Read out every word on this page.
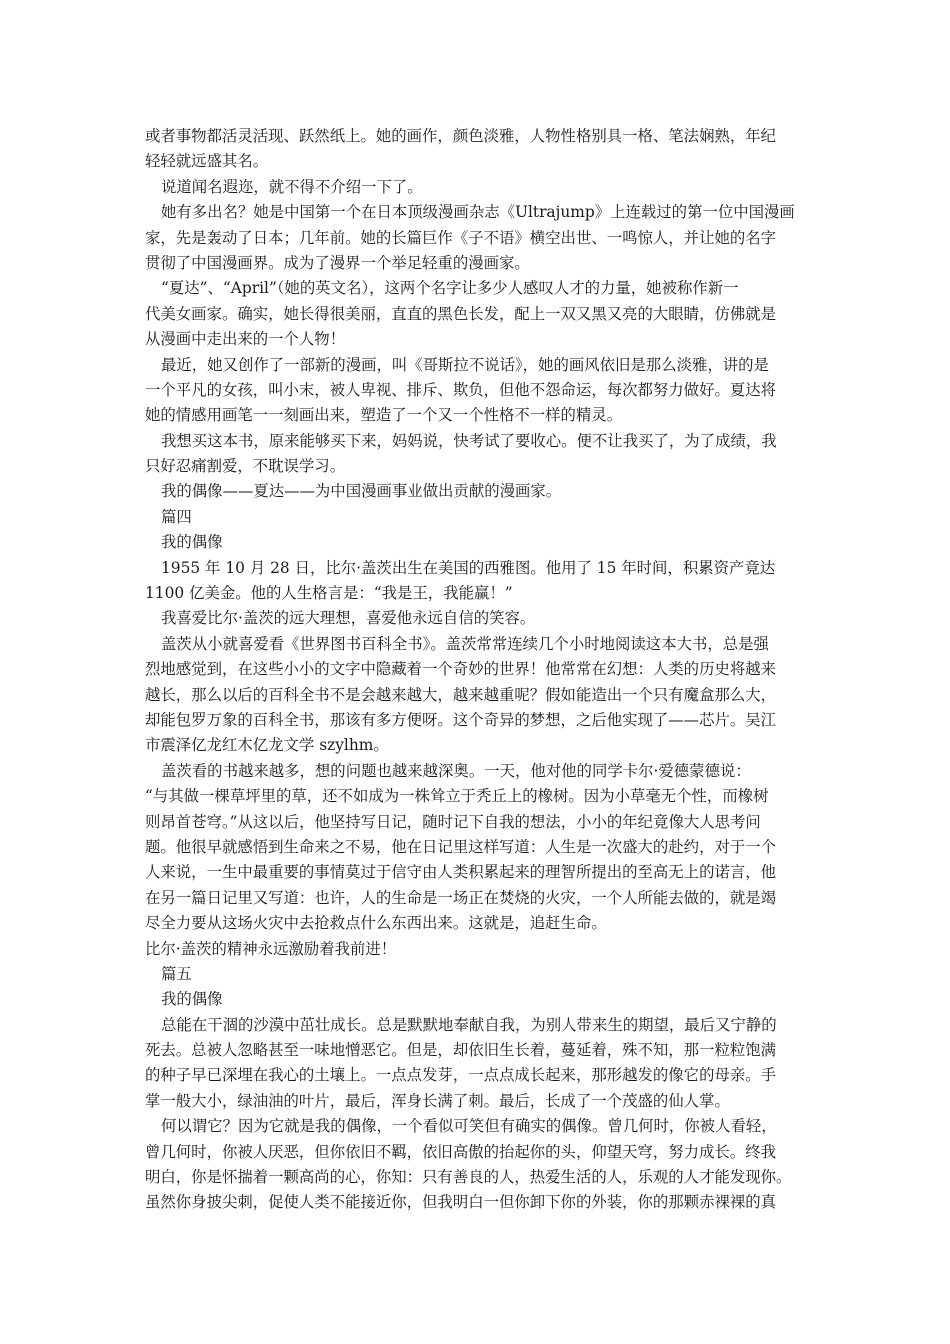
或者事物都活灵活现、跃然纸上。她的画作，颜色淡雅，人物性格别具一格、笔法娴熟，年纪
轻轻就远盛其名。
说道闻名遐迩，就不得不介绍一下了。
她有多出名？她是中国第一个在日本顶级漫画杂志《Ultrajump》上连载过的第一位中国漫画
家，先是轰动了日本；几年前。她的长篇巨作《子不语》横空出世、一鸣惊人，并让她的名字
贯彻了中国漫画界。成为了漫界一个举足轻重的漫画家。
“夏达”、“April”（她的英文名），这两个名字让多少人感叹人才的力量，她被称作新一
代美女画家。确实，她长得很美丽，直直的黑色长发，配上一双又黑又亮的大眼睛，仿佛就是
从漫画中走出来的一个人物！
最近，她又创作了一部新的漫画，叫《哥斯拉不说话》，她的画风依旧是那么淡雅，讲的是
一个平凡的女孩，叫小末，被人卑视、排斥、欺负，但他不怨命运，每次都努力做好。夏达将
她的情感用画笔一一刻画出来，塑造了一个又一个性格不一样的精灵。
我想买这本书，原来能够买下来，妈妈说，快考试了要收心。便不让我买了，为了成绩，我
只好忍痛割爱，不耽误学习。
我的偶像——夏达——为中国漫画事业做出贡献的漫画家。
篇四
我的偶像
1955 年 10 月 28 日，比尔·盖茨出生在美国的西雅图。他用了 15 年时间，积累资产竟达
1100 亿美金。他的人生格言是：“我是王，我能赢！”
我喜爱比尔·盖茨的远大理想，喜爱他永远自信的笑容。
盖茨从小就喜爱看《世界图书百科全书》。盖茨常常连续几个小时地阅读这本大书，总是强
烈地感觉到，在这些小小的文字中隐藏着一个奇妙的世界！他常常在幻想：人类的历史将越来
越长，那么以后的百科全书不是会越来越大，越来越重呢？假如能造出一个只有魔盒那么大，
却能包罗万象的百科全书，那该有多方便呀。这个奇异的梦想，之后他实现了——芯片。吴江
市震泽亿龙红木亿龙文学 szylhm。
盖茨看的书越来越多，想的问题也越来越深奥。一天，他对他的同学卡尔·爱德蒙德说：
“与其做一棵草坪里的草，还不如成为一株耸立于秃丘上的橡树。因为小草毫无个性，而橡树
则昂首苍穹。”从这以后，他坚持写日记，随时记下自我的想法，小小的年纪竟像大人思考问
题。他很早就感悟到生命来之不易，他在日记里这样写道：人生是一次盛大的赴约，对于一个
人来说，一生中最重要的事情莫过于信守由人类积累起来的理智所提出的至高无上的诺言，他
在另一篇日记里又写道：也许，人的生命是一场正在焚烧的火灾，一个人所能去做的，就是竭
尽全力要从这场火灾中去抢救点什么东西出来。这就是，追赶生命。
比尔·盖茨的精神永远激励着我前进！
篇五
我的偶像
总能在干涸的沙漠中茁壮成长。总是默默地奉献自我，为别人带来生的期望，最后又宁静的
死去。总被人忽略甚至一味地憎恶它。但是，却依旧生长着，蔓延着，殊不知，那一粒粒饱满
的种子早已深埋在我心的土壤上。一点点发芽，一点点成长起来，那形越发的像它的母亲。手
掌一般大小，绿油油的叶片，最后，浑身长满了刺。最后，长成了一个茂盛的仙人掌。
何以谓它？因为它就是我的偶像，一个看似可笑但有确实的偶像。曾几何时，你被人看轻，
曾几何时，你被人厌恶，但你依旧不羁，依旧高傲的抬起你的头，仰望天穹，努力成长。终我
明白，你是怀揣着一颗高尚的心，你知：只有善良的人，热爱生活的人，乐观的人才能发现你。
虽然你身披尖刺，促使人类不能接近你，但我明白一但你卸下你的外装，你的那颗赤裸裸的真
